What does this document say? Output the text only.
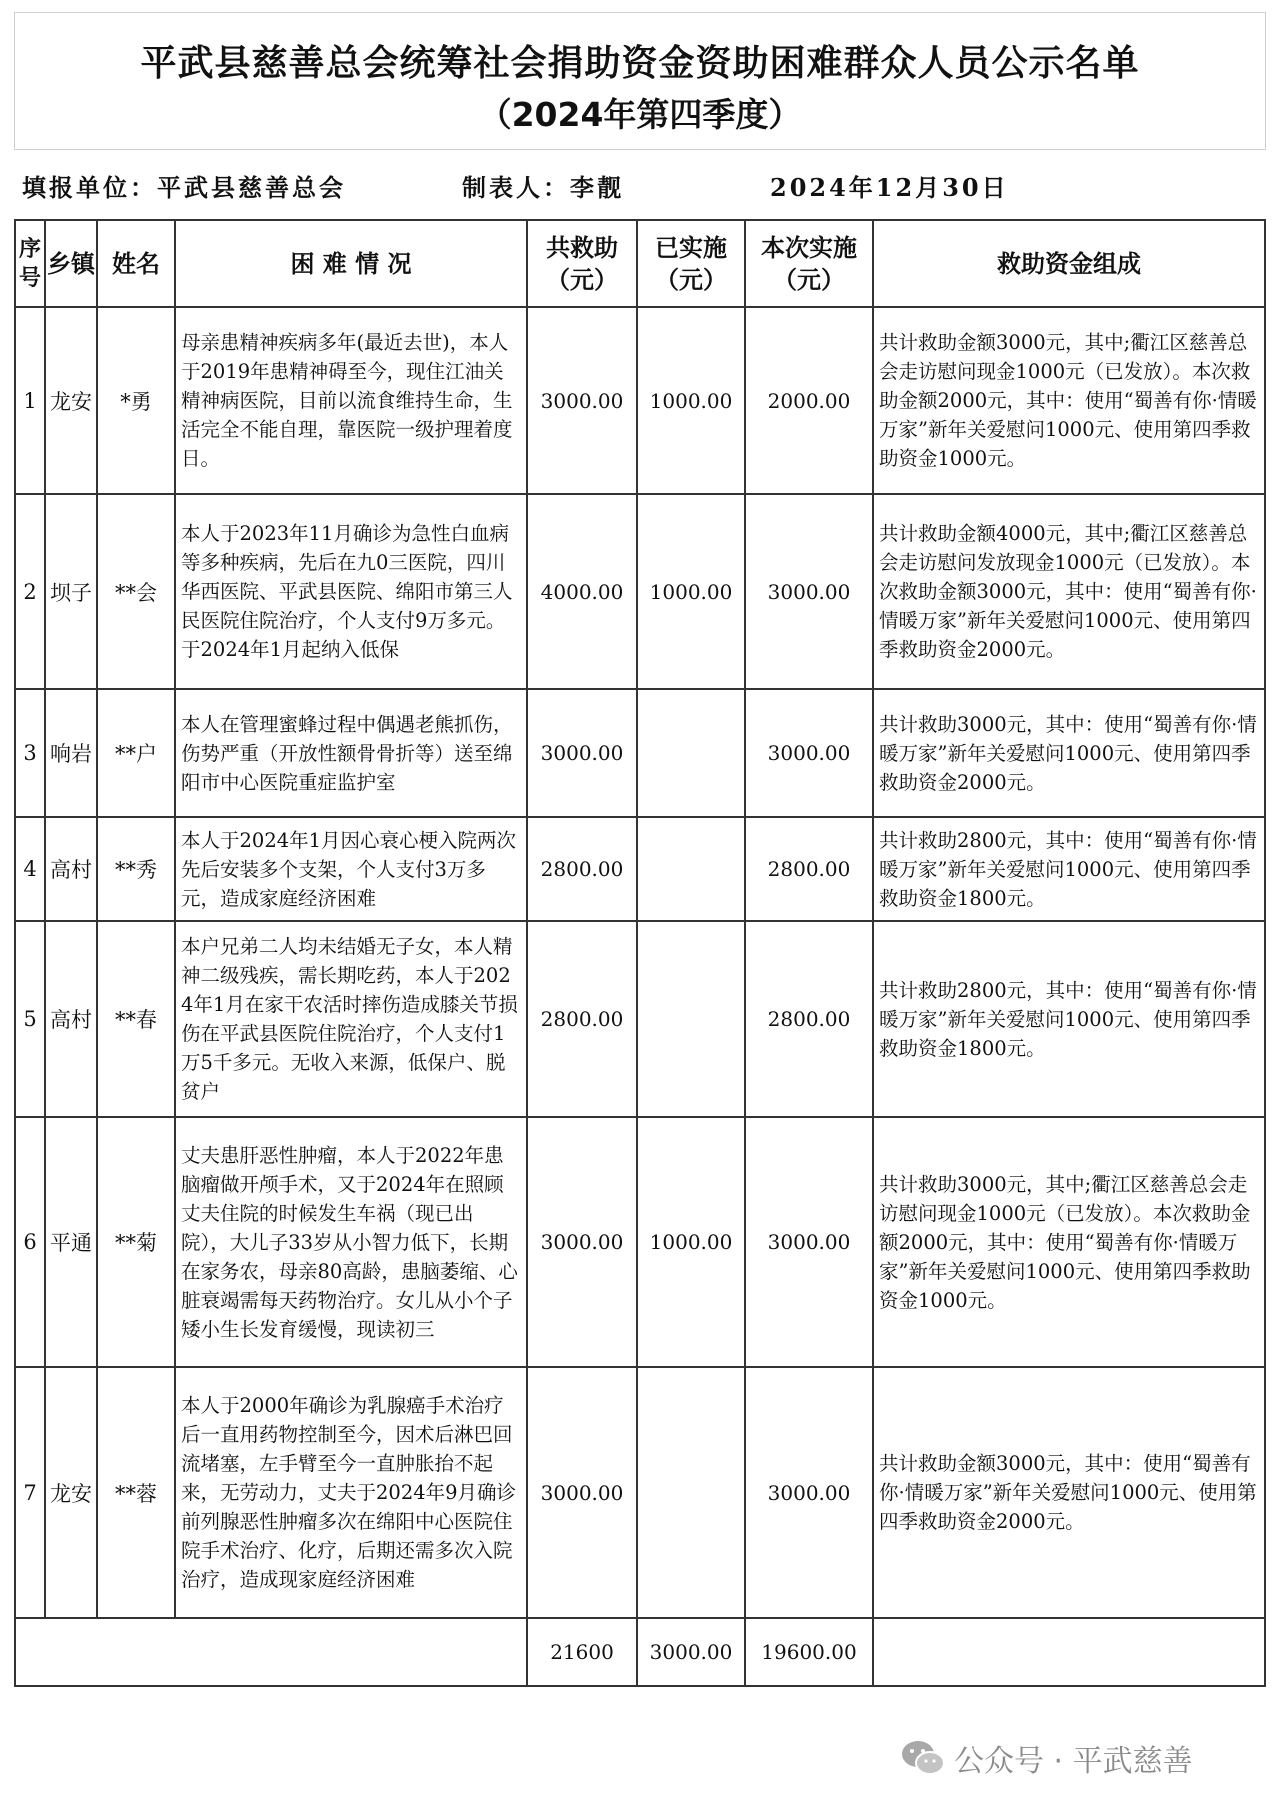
平武县慈善总会统筹社会捐助资金资助困难群众人员公示名单
（2024年第四季度）
填报单位：平武县慈善总会	制表人：李靓	2024年12月30日
序号	乡镇	姓名	困 难 情 况	共救助（元）	已实施（元）	本次实施（元）	救助资金组成
1	龙安	*勇	母亲患精神疾病多年(最近去世)，本人于2019年患精神碍至今，现住江油关精神病医院，目前以流食维持生命，生活完全不能自理，靠医院一级护理着度日。	3000.00	1000.00	2000.00	共计救助金额3000元，其中;衢江区慈善总会走访慰问现金1000元（已发放）。本次救助金额2000元，其中：使用“蜀善有你·情暖万家”新年关爱慰问1000元、使用第四季救助资金1000元。
2	坝子	**会	本人于2023年11月确诊为急性白血病等多种疾病，先后在九0三医院，四川华西医院、平武县医院、绵阳市第三人民医院住院治疗，个人支付9万多元。于2024年1月起纳入低保	4000.00	1000.00	3000.00	共计救助金额4000元，其中;衢江区慈善总会走访慰问发放现金1000元（已发放）。本次救助金额3000元，其中：使用“蜀善有你·情暖万家”新年关爱慰问1000元、使用第四季救助资金2000元。
3	响岩	**户	本人在管理蜜蜂过程中偶遇老熊抓伤，伤势严重（开放性额骨骨折等）送至绵阳市中心医院重症监护室	3000.00		3000.00	共计救助3000元，其中：使用“蜀善有你·情暖万家”新年关爱慰问1000元、使用第四季救助资金2000元。
4	高村	**秀	本人于2024年1月因心衰心梗入院两次先后安装多个支架，个人支付3万多元，造成家庭经济困难	2800.00		2800.00	共计救助2800元，其中：使用“蜀善有你·情暖万家”新年关爱慰问1000元、使用第四季救助资金1800元。
5	高村	**春	本户兄弟二人均未结婚无子女，本人精神二级残疾，需长期吃药，本人于2024年1月在家干农活时摔伤造成膝关节损伤在平武县医院住院治疗，个人支付1万5千多元。无收入来源，低保户、脱贫户	2800.00		2800.00	共计救助2800元，其中：使用“蜀善有你·情暖万家”新年关爱慰问1000元、使用第四季救助资金1800元。
6	平通	**菊	丈夫患肝恶性肿瘤，本人于2022年患脑瘤做开颅手术，又于2024年在照顾丈夫住院的时候发生车祸（现已出院），大儿子33岁从小智力低下，长期在家务农，母亲80高龄，患脑萎缩、心脏衰竭需每天药物治疗。女儿从小个子矮小生长发育缓慢，现读初三	3000.00	1000.00	3000.00	共计救助3000元，其中;衢江区慈善总会走访慰问现金1000元（已发放）。本次救助金额2000元，其中：使用“蜀善有你·情暖万家”新年关爱慰问1000元、使用第四季救助资金1000元。
7	龙安	**蓉	本人于2000年确诊为乳腺癌手术治疗后一直用药物控制至今，因术后淋巴回流堵塞，左手臂至今一直肿胀抬不起来，无劳动力，丈夫于2024年9月确诊前列腺恶性肿瘤多次在绵阳中心医院住院手术治疗、化疗，后期还需多次入院治疗，造成现家庭经济困难	3000.00		3000.00	共计救助金额3000元，其中：使用“蜀善有你·情暖万家”新年关爱慰问1000元、使用第四季救助资金2000元。
				21600	3000.00	19600.00	
公众号 · 平武慈善
